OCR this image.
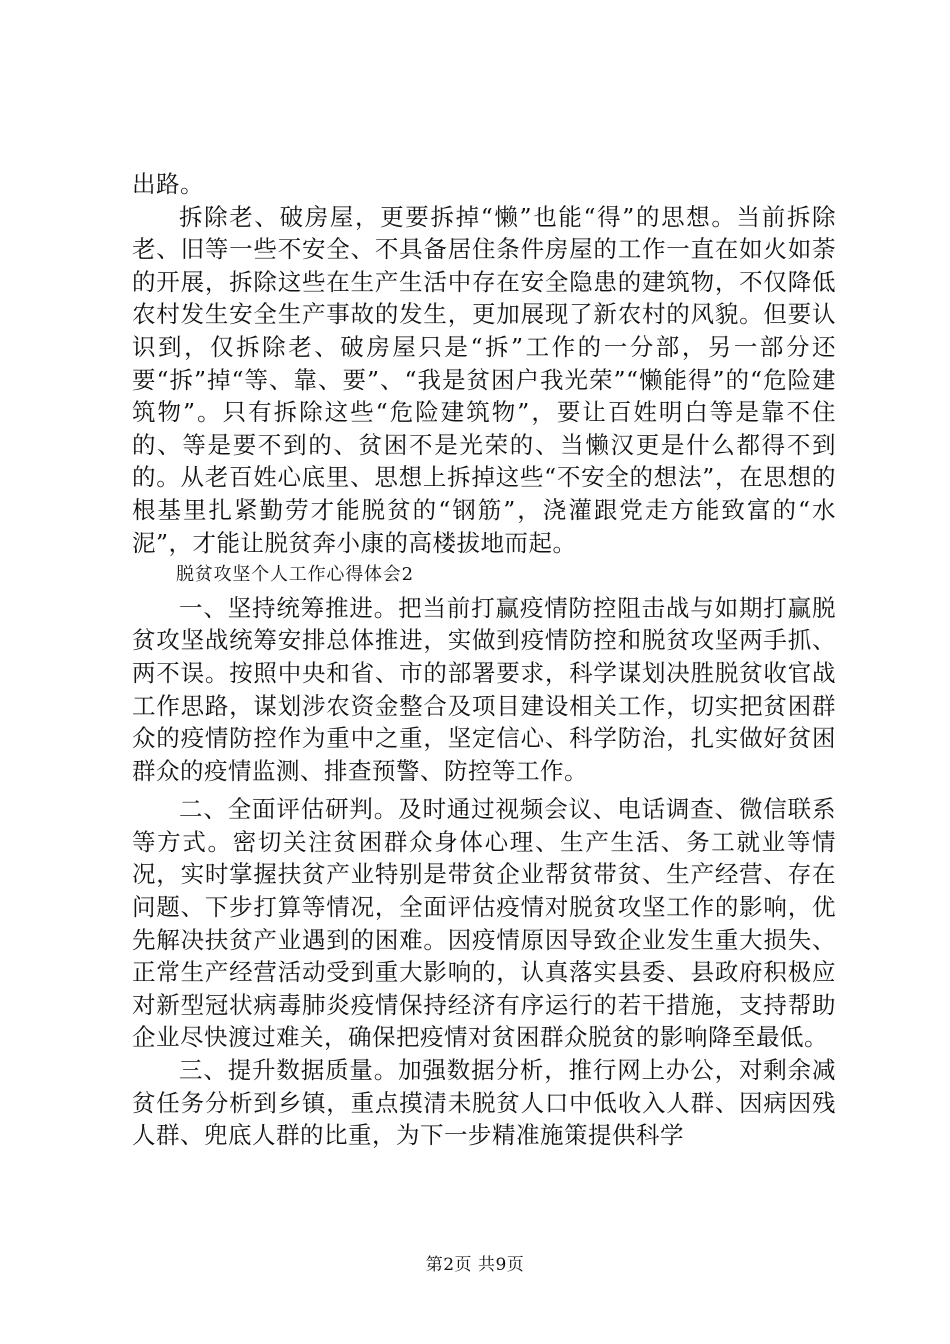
出路。

拆除老、破房屋，更要拆掉“懒”也能“得”的思想。当前拆除老、旧等一些不安全、不具备居住条件房屋的工作一直在如火如荼的开展，拆除这些在生产生活中存在安全隐患的建筑物，不仅降低农村发生安全生产事故的发生，更加展现了新农村的风貌。但要认识到，仅拆除老、破房屋只是“拆”工作的一分部，另一部分还要“拆”掉“等、靠、要”、“我是贫困户我光荣”“懒能得”的“危险建筑物”。只有拆除这些“危险建筑物”，要让百姓明白等是靠不住的、等是要不到的、贫困不是光荣的、当懒汉更是什么都得不到的。从老百姓心底里、思想上拆掉这些“不安全的想法”，在思想的根基里扎紧勤劳才能脱贫的“钢筋”，浇灌跟党走方能致富的“水泥”，才能让脱贫奔小康的高楼拔地而起。

脱贫攻坚个人工作心得体会2

一、坚持统筹推进。把当前打赢疫情防控阻击战与如期打赢脱贫攻坚战统筹安排总体推进，实做到疫情防控和脱贫攻坚两手抓、两不误。按照中央和省、市的部署要求，科学谋划决胜脱贫收官战工作思路，谋划涉农资金整合及项目建设相关工作，切实把贫困群众的疫情防控作为重中之重，坚定信心、科学防治，扎实做好贫困群众的疫情监测、排查预警、防控等工作。

二、全面评估研判。及时通过视频会议、电话调查、微信联系等方式。密切关注贫困群众身体心理、生产生活、务工就业等情况，实时掌握扶贫产业特别是带贫企业帮贫带贫、生产经营、存在问题、下步打算等情况，全面评估疫情对脱贫攻坚工作的影响，优先解决扶贫产业遇到的困难。因疫情原因导致企业发生重大损失、正常生产经营活动受到重大影响的，认真落实县委、县政府积极应对新型冠状病毒肺炎疫情保持经济有序运行的若干措施，支持帮助企业尽快渡过难关，确保把疫情对贫困群众脱贫的影响降至最低。

三、提升数据质量。加强数据分析，推行网上办公，对剩余减贫任务分析到乡镇，重点摸清未脱贫人口中低收入人群、因病因残人群、兜底人群的比重，为下一步精准施策提供科学

第2页 共9页
